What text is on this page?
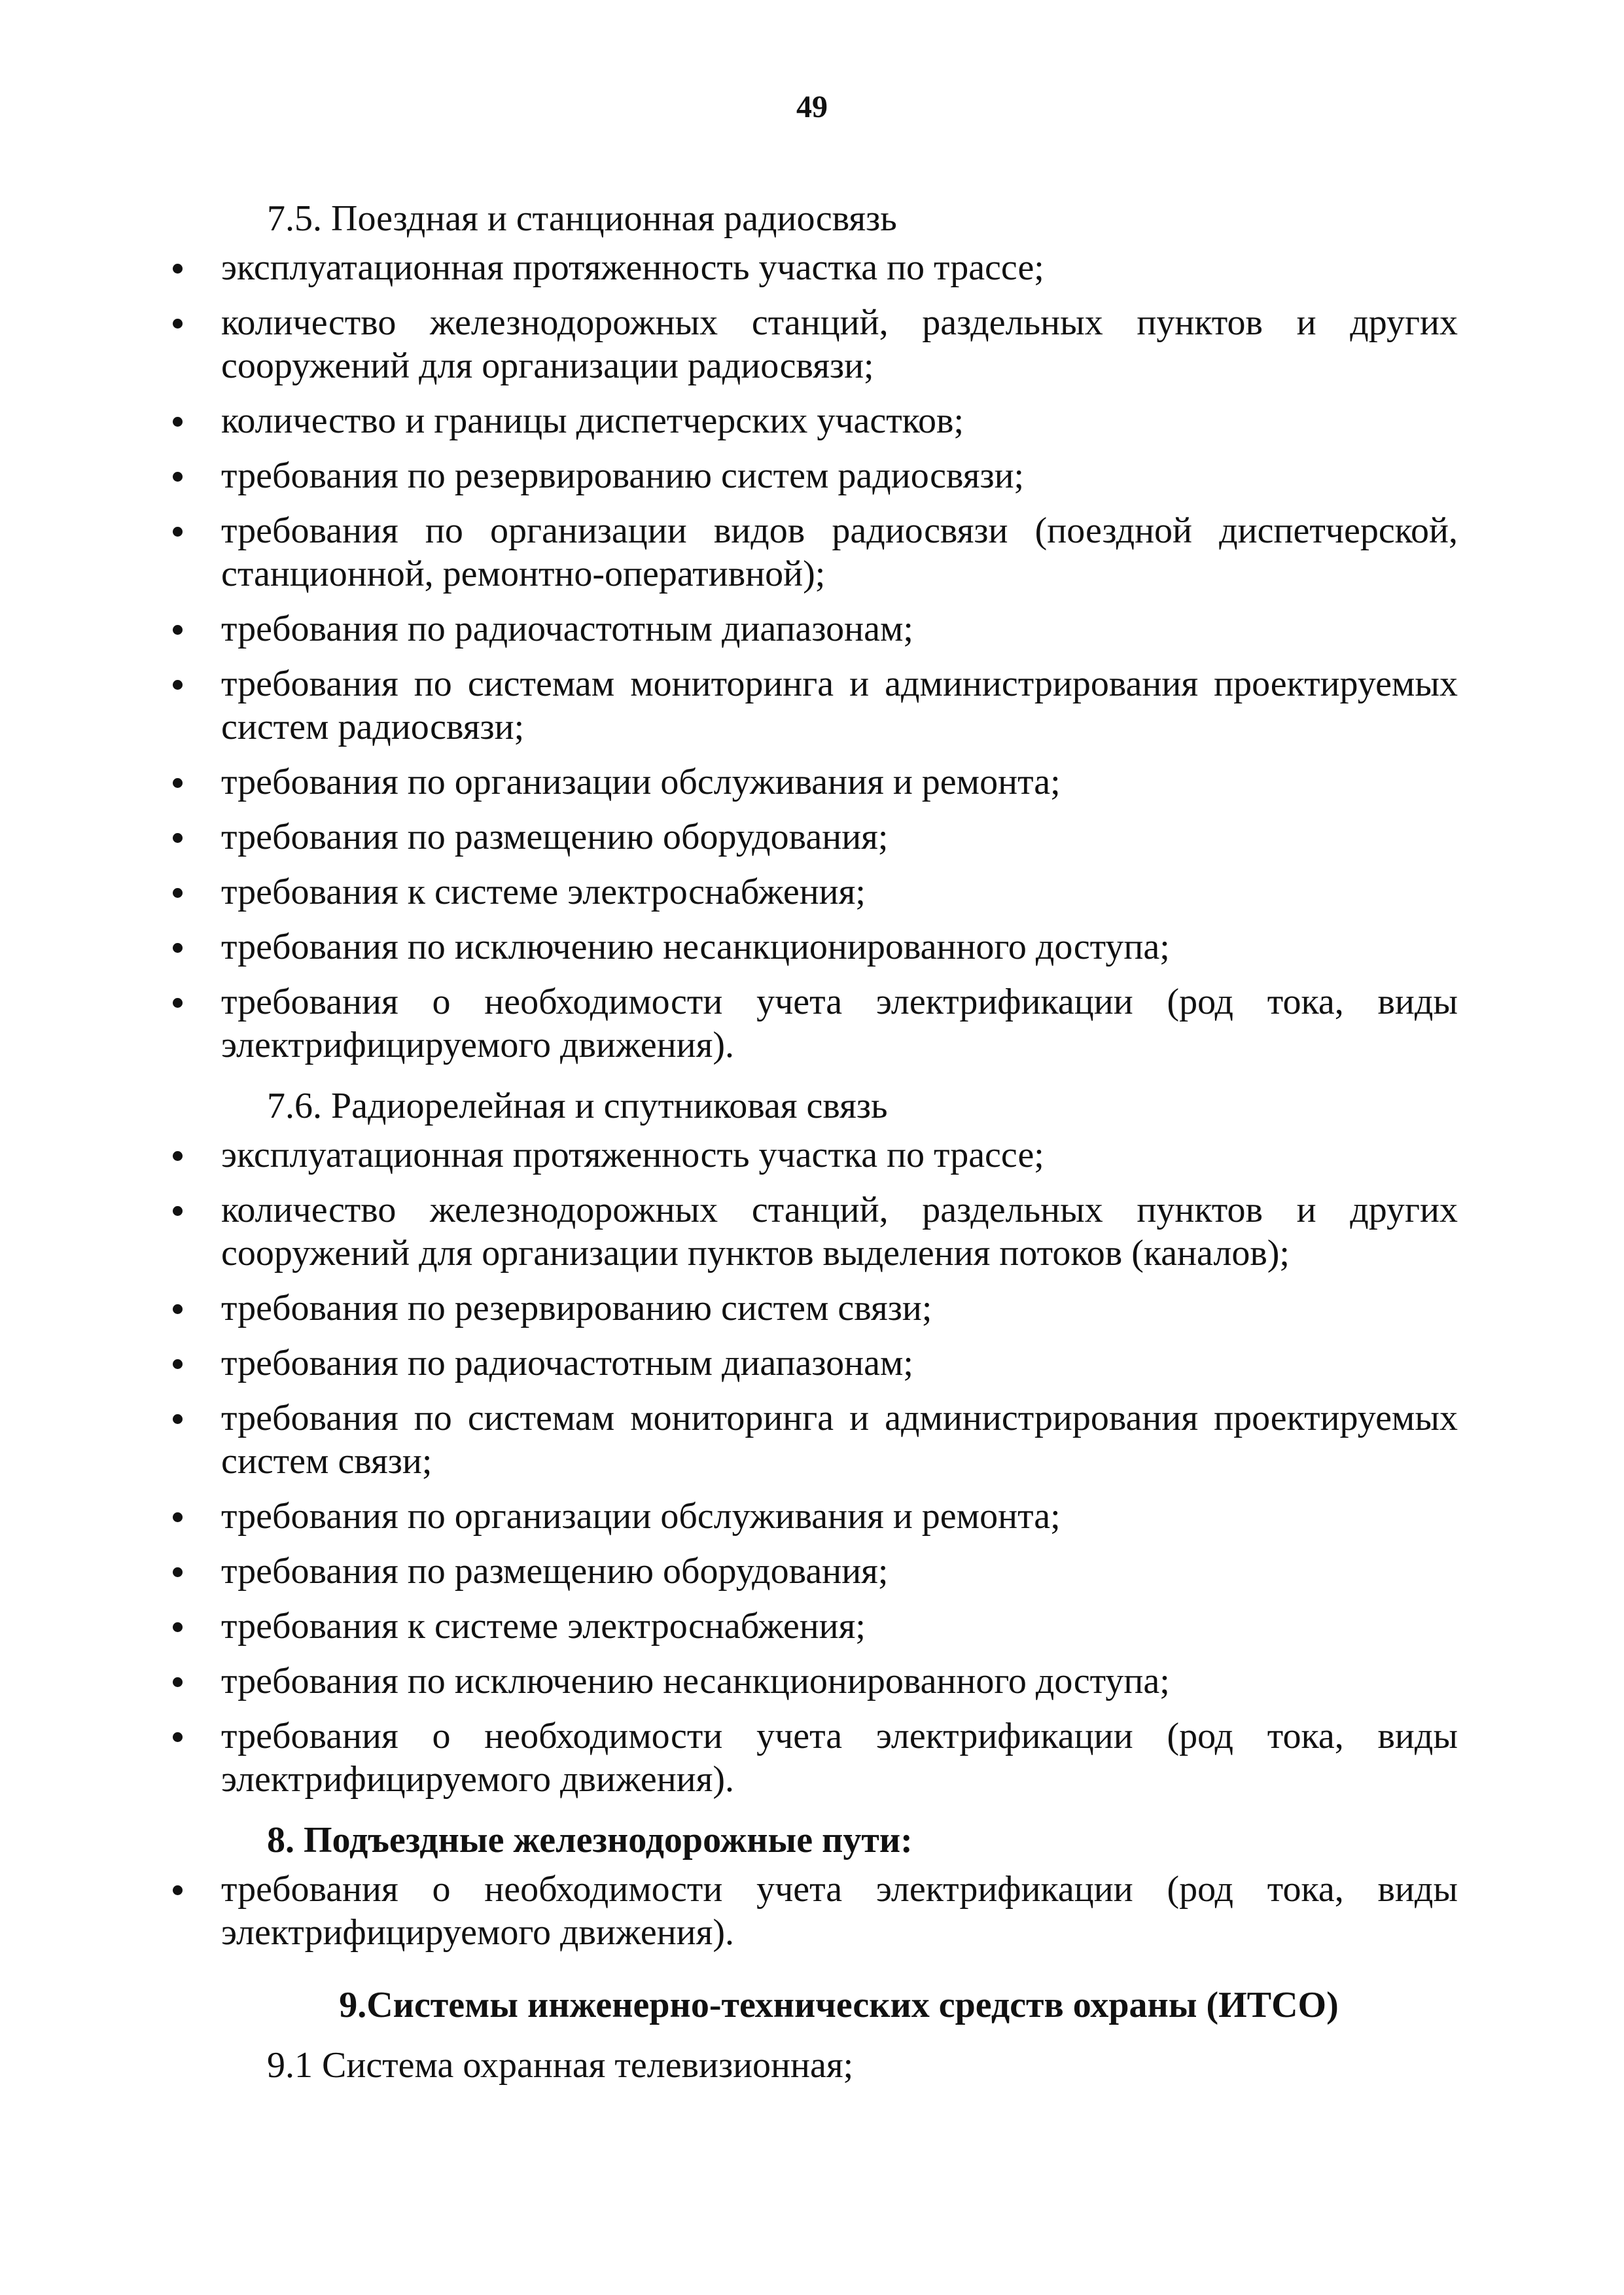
49
7.5. Поездная и станционная радиосвязь
эксплуатационная протяженность участка по трассе;
количество железнодорожных станций, раздельных пунктов и других сооружений для организации радиосвязи;
количество и границы диспетчерских участков;
требования по резервированию систем радиосвязи;
требования по организации видов радиосвязи (поездной диспетчерской, станционной, ремонтно-оперативной);
требования по радиочастотным диапазонам;
требования по системам мониторинга и администрирования проектируемых систем радиосвязи;
требования по организации обслуживания и ремонта;
требования по размещению оборудования;
требования к системе электроснабжения;
требования по исключению несанкционированного доступа;
требования о необходимости учета электрификации (род тока, виды электрифицируемого движения).
7.6. Радиорелейная и спутниковая связь
эксплуатационная протяженность участка по трассе;
количество железнодорожных станций, раздельных пунктов и других сооружений для организации пунктов выделения потоков (каналов);
требования по резервированию систем связи;
требования по радиочастотным диапазонам;
требования по системам мониторинга и администрирования проектируемых систем связи;
требования по организации обслуживания и ремонта;
требования по размещению оборудования;
требования к системе электроснабжения;
требования по исключению несанкционированного доступа;
требования о необходимости учета электрификации (род тока, виды электрифицируемого движения).
8. Подъездные железнодорожные пути:
требования о необходимости учета электрификации (род тока, виды электрифицируемого движения).
9.Системы инженерно-технических средств охраны (ИТСО)
9.1 Система охранная телевизионная;
